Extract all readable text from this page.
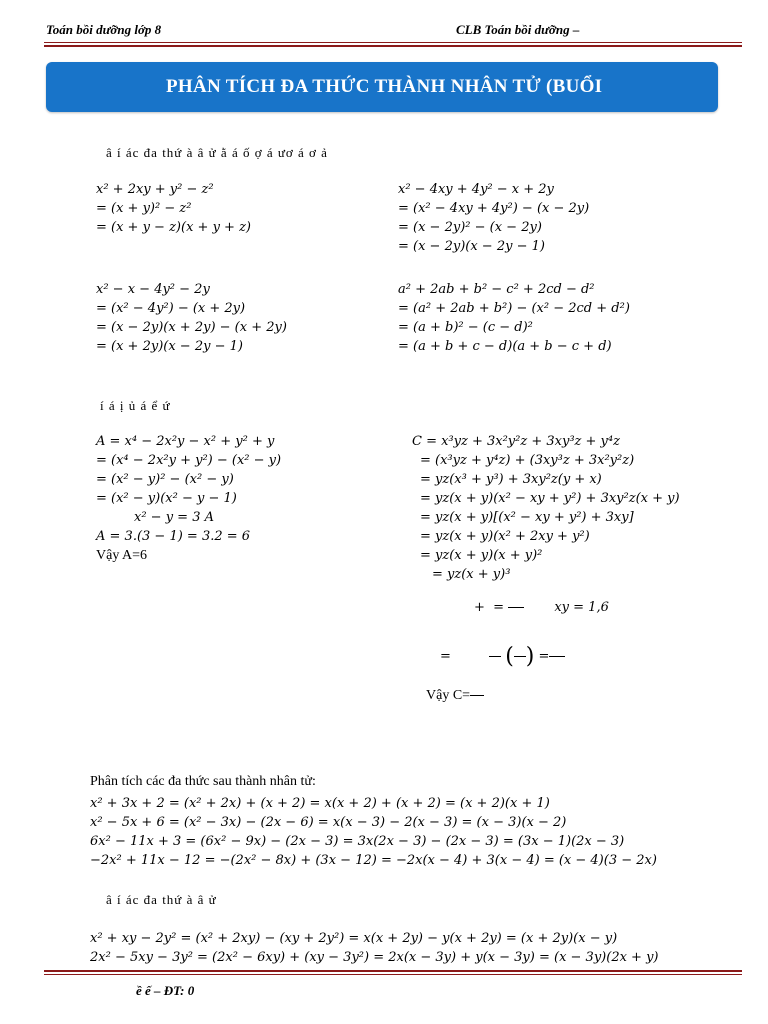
Toán bồi dưỡng lớp 8	CLB Toán bồi dưỡng –
PHÂN TÍCH ĐA THỨC THÀNH NHÂN TỬ (BUỔI
â í ác đa thứ à â ử ằ á ố ợ á ươ á ơ ả
x² + 2xy + y² − z²
= (x + y)² − z²
= (x + y − z)(x + y + z)
x² − 4xy + 4y² − x + 2y
= (x² − 4xy + 4y²) − (x − 2y)
= (x − 2y)² − (x − 2y)
= (x − 2y)(x − 2y − 1)
x² − x − 4y² − 2y
= (x² − 4y²) − (x + 2y)
= (x − 2y)(x + 2y) − (x + 2y)
= (x + 2y)(x − 2y − 1)
a² + 2ab + b² − c² + 2cd − d²
= (a² + 2ab + b²) − (x² − 2cd + d²)
= (a + b)² − (c − d)²
= (a + b + c − d)(a + b − c + d)
í á ị ủ á ể ứ
A = x⁴ − 2x²y − x² + y² + y
= (x⁴ − 2x²y + y²) − (x² − y)
= (x² − y)² − (x² − y)
= (x² − y)(x² − y − 1)
x² − y = 3 A
A = 3.(3 − 1) = 3.2 = 6
Vậy A=6
C = x³yz + 3x²y²z + 3xy³z + y⁴z
= (x³yz + y⁴z) + (3xy³z + 3x²y²z)
= yz(x³ + y³) + 3xy²z(y + x)
= yz(x + y)(x² − xy + y²) + 3xy²z(x + y)
= yz(x + y)[(x² − xy + y²) + 3xy]
= yz(x + y)(x² + 2xy + y²)
= yz(x + y)(x + y)²
= yz(x + y)³
+  =	xy = 1,6
= ( ) =
Vậy C=
Phân tích các đa thức sau thành nhân tử:
x² + 3x + 2 = (x² + 2x) + (x + 2) = x(x + 2) + (x + 2) = (x + 2)(x + 1)
x² − 5x + 6 = (x² − 3x) − (2x − 6) = x(x − 3) − 2(x − 3) = (x − 3)(x − 2)
6x² − 11x + 3 = (6x² − 9x) − (2x − 3) = 3x(2x − 3) − (2x − 3) = (3x − 1)(2x − 3)
−2x² + 11x − 12 = −(2x² − 8x) + (3x − 12) = −2x(x − 4) + 3(x − 4) = (x − 4)(3 − 2x)
â í ác đa thứ à â ử
x² + xy − 2y² = (x² + 2xy) − (xy + 2y²) = x(x + 2y) − y(x + 2y) = (x + 2y)(x − y)
2x² − 5xy − 3y² = (2x² − 6xy) + (xy − 3y²) = 2x(x − 3y) + y(x − 3y) = (x − 3y)(2x + y)
ề ế – ĐT: 0
